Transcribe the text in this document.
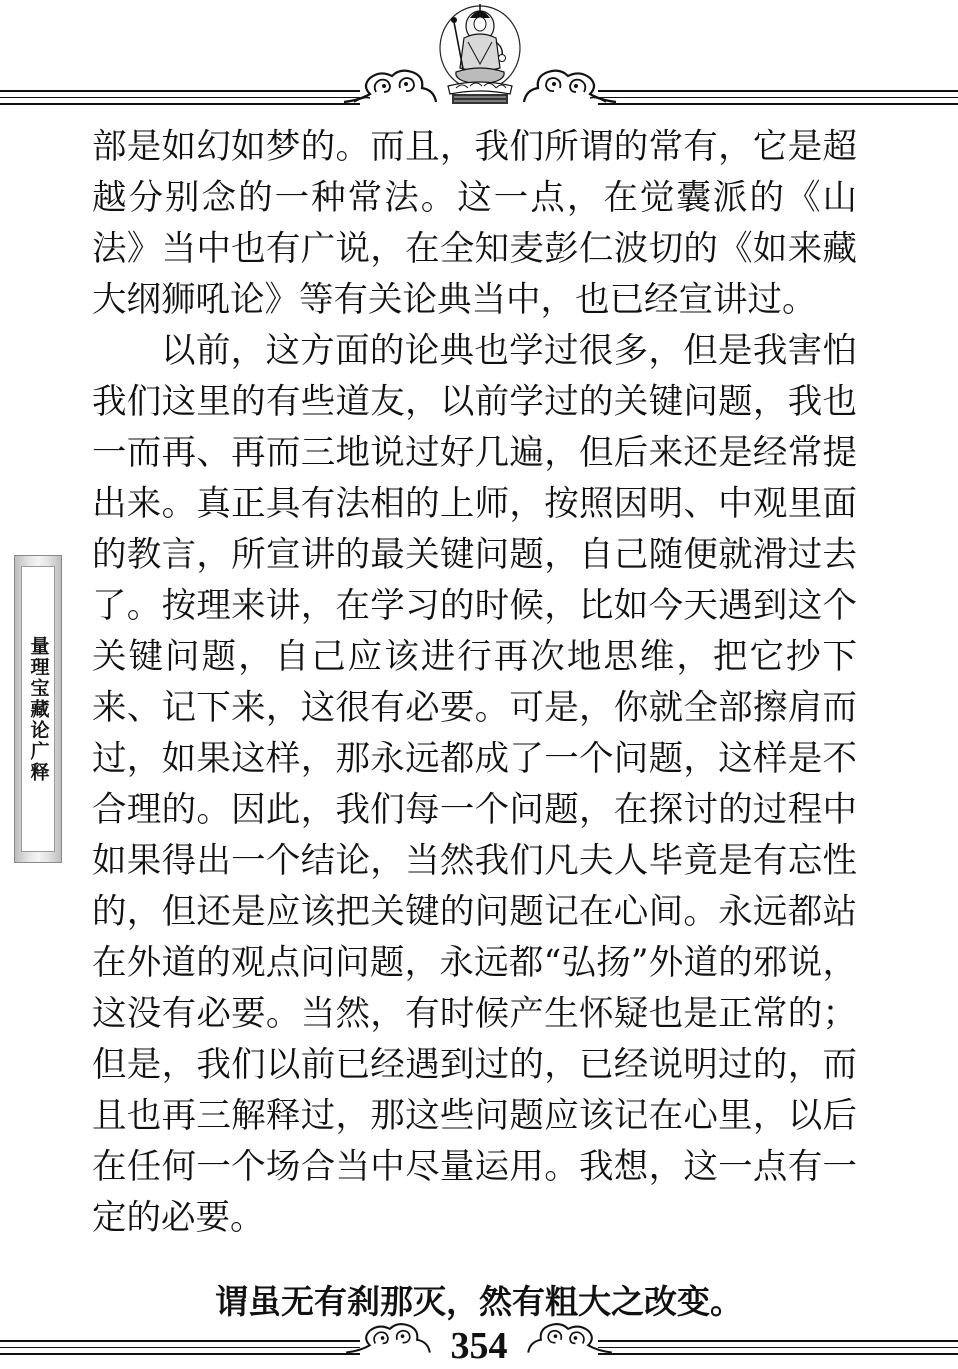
量理宝藏论广释

部是如幻如梦的。而且，我们所谓的常有，它是超越分别念的一种常法。这一点，在觉囊派的《山法》当中也有广说，在全知麦彭仁波切的《如来藏大纲狮吼论》等有关论典当中，也已经宣讲过。

以前，这方面的论典也学过很多，但是我害怕我们这里的有些道友，以前学过的关键问题，我也一而再、再而三地说过好几遍，但后来还是经常提出来。真正具有法相的上师，按照因明、中观里面的教言，所宣讲的最关键问题，自己随便就滑过去了。按理来讲，在学习的时候，比如今天遇到这个关键问题，自己应该进行再次地思维，把它抄下来、记下来，这很有必要。可是，你就全部擦肩而过，如果这样，那永远都成了一个问题，这样是不合理的。因此，我们每一个问题，在探讨的过程中如果得出一个结论，当然我们凡夫人毕竟是有忘性的，但还是应该把关键的问题记在心间。永远都站在外道的观点问问题，永远都“弘扬”外道的邪说，这没有必要。当然，有时候产生怀疑也是正常的；但是，我们以前已经遇到过的，已经说明过的，而且也再三解释过，那这些问题应该记在心里，以后在任何一个场合当中尽量运用。我想，这一点有一定的必要。

谓虽无有刹那灭，然有粗大之改变。
354
